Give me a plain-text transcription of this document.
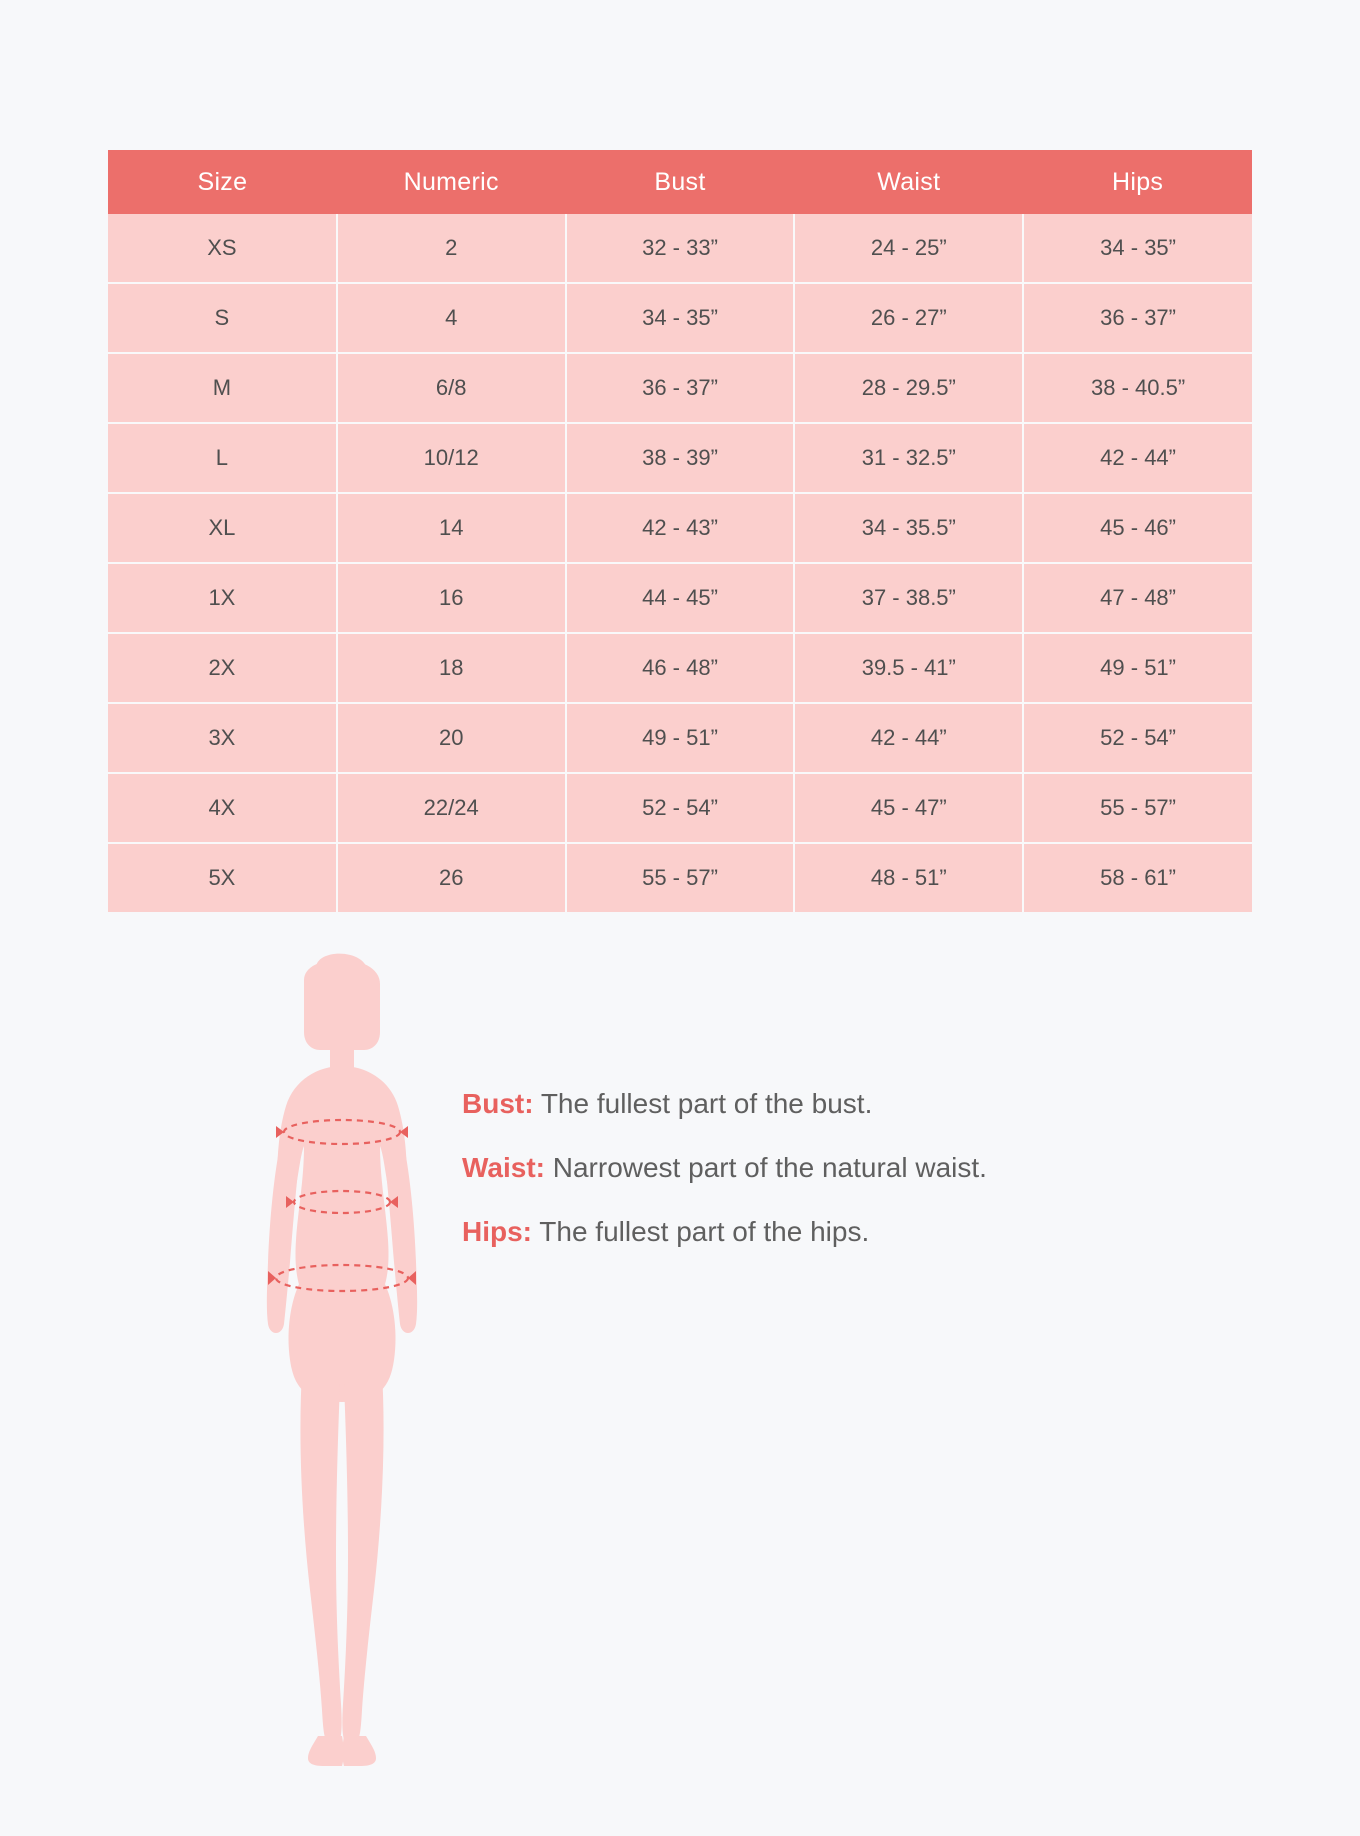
Size	Numeric	Bust	Waist	Hips
XS	2	32 - 33”	24 - 25”	34 - 35”
S	4	34 - 35”	26 - 27”	36 - 37”
M	6/8	36 - 37”	28 - 29.5”	38 - 40.5”
L	10/12	38 - 39”	31 - 32.5”	42 - 44”
XL	14	42 - 43”	34 - 35.5”	45 - 46”
1X	16	44 - 45”	37 - 38.5”	47 - 48”
2X	18	46 - 48”	39.5 - 41”	49 - 51”
3X	20	49 - 51”	42 - 44”	52 - 54”
4X	22/24	52 - 54”	45 - 47”	55 - 57”
5X	26	55 - 57”	48 - 51”	58 - 61”
Bust: The fullest part of the bust.
Waist: Narrowest part of the natural waist.
Hips: The fullest part of the hips.
